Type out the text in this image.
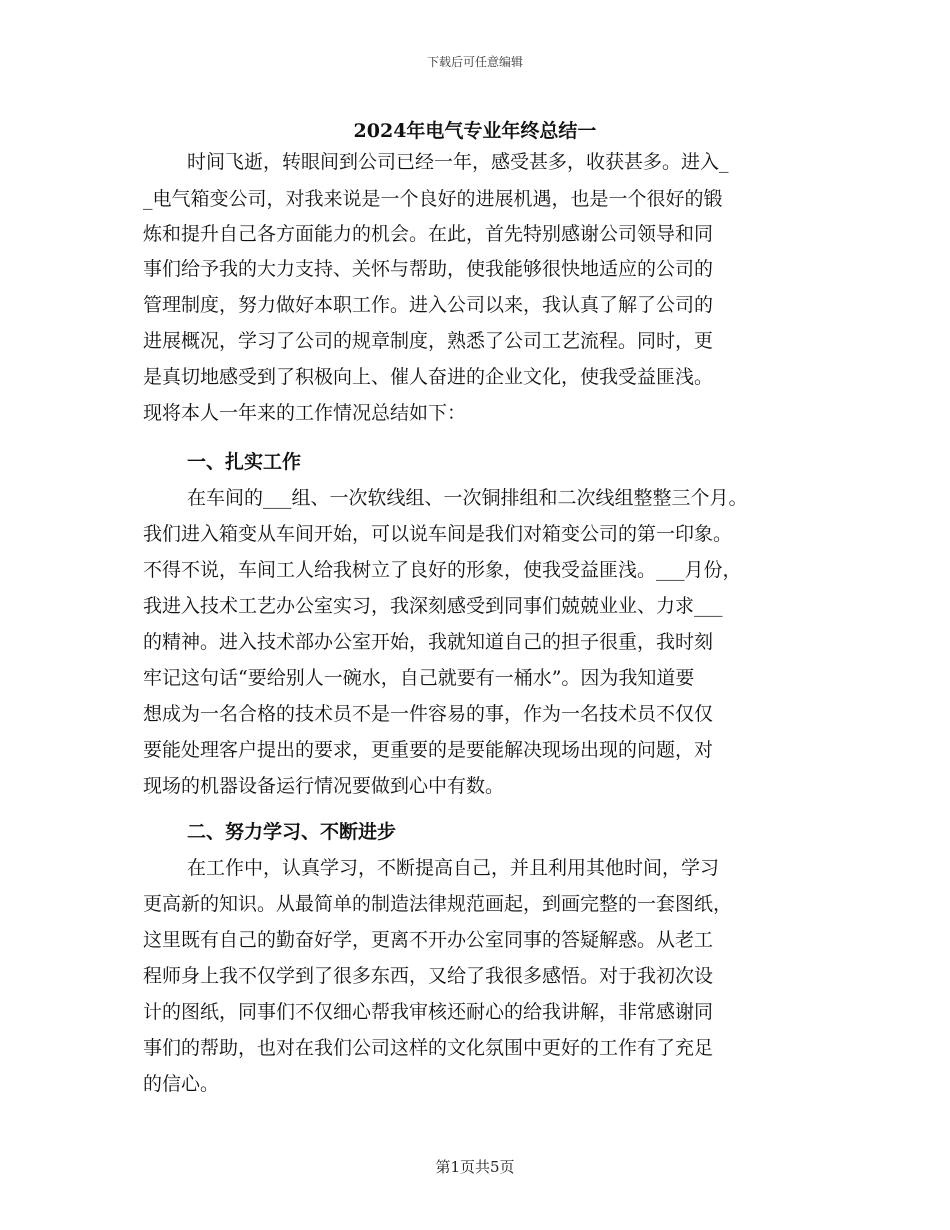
下载后可任意编辑
2024年电气专业年终总结一
时间飞逝，转眼间到公司已经一年，感受甚多，收获甚多。进入_
_电气箱变公司，对我来说是一个良好的进展机遇，也是一个很好的锻
炼和提升自己各方面能力的机会。在此，首先特别感谢公司领导和同
事们给予我的大力支持、关怀与帮助，使我能够很快地适应的公司的
管理制度，努力做好本职工作。进入公司以来，我认真了解了公司的
进展概况，学习了公司的规章制度，熟悉了公司工艺流程。同时，更
是真切地感受到了积极向上、催人奋进的企业文化，使我受益匪浅。
现将本人一年来的工作情况总结如下：
一、扎实工作
在车间的___组、一次软线组、一次铜排组和二次线组整整三个月。
我们进入箱变从车间开始，可以说车间是我们对箱变公司的第一印象。
不得不说，车间工人给我树立了良好的形象，使我受益匪浅。___月份，
我进入技术工艺办公室实习，我深刻感受到同事们兢兢业业、力求___
的精神。进入技术部办公室开始，我就知道自己的担子很重，我时刻
牢记这句话“要给别人一碗水，自己就要有一桶水”。因为我知道要
想成为一名合格的技术员不是一件容易的事，作为一名技术员不仅仅
要能处理客户提出的要求，更重要的是要能解决现场出现的问题，对
现场的机器设备运行情况要做到心中有数。
二、努力学习、不断进步
在工作中，认真学习，不断提高自己，并且利用其他时间，学习
更高新的知识。从最简单的制造法律规范画起，到画完整的一套图纸，
这里既有自己的勤奋好学，更离不开办公室同事的答疑解惑。从老工
程师身上我不仅学到了很多东西，又给了我很多感悟。对于我初次设
计的图纸，同事们不仅细心帮我审核还耐心的给我讲解，非常感谢同
事们的帮助，也对在我们公司这样的文化氛围中更好的工作有了充足
的信心。
第1页共5页
